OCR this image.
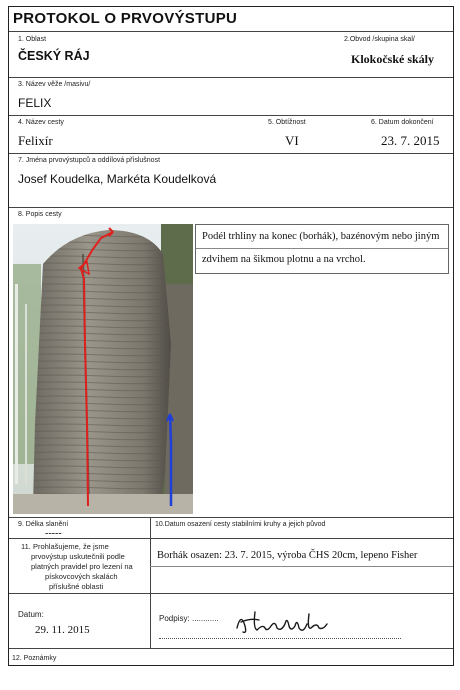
PROTOKOL O PRVOVÝSTUPU
1. Oblast
ČESKÝ RÁJ
2.Obvod /skupina skal/
Klokočské skály
3. Název věže /masivu/
FELIX
4. Název cesty
Felixír
5. Obtížnost
VI
6. Datum dokončení
23. 7. 2015
7. Jména prvovýstupců a oddílová příslušnost
Josef Koudelka, Markéta Koudelková
8. Popis cesty
Podél trhliny na konec (borhák), bazénovým nebo jiným
zdvihem na šikmou plotnu a na vrchol.
9. Délka slanění
-----
10.Datum osazení cesty stabilními kruhy a jejich původ
11. Prohlašujeme, že jsme
prvovýstup uskutečnili podle
platných pravidel pro lezení na
pískovcových skalách
příslušné oblasti
Borhák osazen: 23. 7. 2015, výroba ČHS 20cm, lepeno Fisher
Datum:
29. 11. 2015
Podpisy: ............
12. Poznámky
